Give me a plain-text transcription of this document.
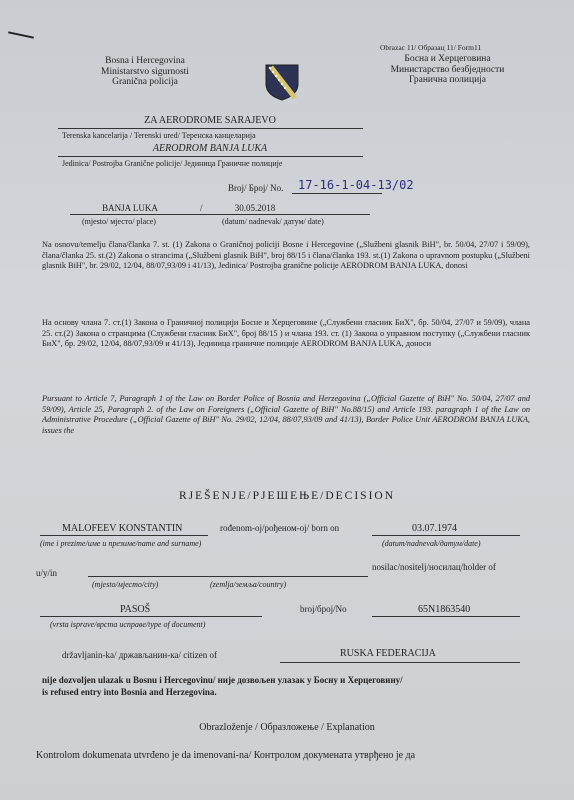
Obrazac 11/ Образац 11/ Form11
Bosna i Hercegovina
Ministarstvo sigurnosti
Granična policija
Босна и Херцеговина
Министарство безбједности
Гранична полиција
ZA AERODROME SARAJEVO
Terenska kancelarija / Terenski ured/ Теренска канцеларија
AERODROM BANJA LUKA
Jedinica/ Postrojba Granične policije/ Јединица Граничне полиције
Broj/ Број/ No. 17-16-1-04-13/02
BANJA LUKA	/	30.05.2018
(mjesto/ мјесто/ place)	(datum/ nadnevak/ датум/ date)
Na osnovu/temelju člana/članka 7. st. (1) Zakona o Graničnoj policiji Bosne i Hercegovine („Službeni glasnik BiH", br. 50/04, 27/07 i 59/09), člana/članka 25. st.(2) Zakona o strancima („Službeni glasnik BiH", broj 88/15 i člana/članka 193. st.(1) Zakona o upravnom postupku („Službeni glasnik BiH", br. 29/02, 12/04, 88/07,93/09 i 41/13), Jedinica/ Postrojba granične policije AERODROM BANJA LUKA, donosi
На основу члана 7. ст.(1) Закона о Граничној полицији Босне и Херцеговине („Службени гласник БиХ", бр. 50/04, 27/07 и 59/09), члана 25. ст.(2) Закона о странцима (Службени гласник БиХ", број 88/15 ) и члана 193. ст. (1) Закона о управном поступку („Службени гласник БиХ", бр. 29/02, 12/04, 88/07,93/09 и 41/13), Јединица граничне полиције AERODROM BANJA LUKA, доноси
Pursuant to Article 7, Paragraph 1 of the Law on Border Police of Bosnia and Herzegovina („Official Gazette of BiH" No. 50/04, 27/07 and 59/09), Article 25, Paragraph 2. of the Law on Foreigners („Official Gazette of BiH" No.88/15) and Article 193. paragraph 1 of the Law on Administrative Procedure („Official Gazette of BiH" No. 29/02, 12/04, 88/07,93/09 and 41/13), Border Police Unit AERODROM BANJA LUKA, issues the
RJEŠENJE/РЈЕШЕЊЕ/DECISION
MALOFEEV KONSTANTIN	rođenom-oj/рођеном-ој/ born on	03.07.1974
(ime i prezime/име и презиме/name and surname)	(datum/nadnevak/датум/date)
u/у/in
nosilac/nositelj/носилац/holder of
(mjesto/мјесто/city)	(zemlja/земља/country)
PASOŠ	broj/број/No	65N1863540
(vrsta isprave/врста исправе/type of document)
državljanin-ka/ држављанин-ка/ citizen of	RUSKA FEDERACIJA
nije dozvoljen ulazak u Bosnu i Hercegovinu/ није дозвољен улазак у Босну и Херцеговину/
is refused entry into Bosnia and Herzegovina.
Obrazloženje / Образложење / Explanation
Kontrolom dokumenata utvrđeno je da imenovani-na/ Контролом докумената утврђено је да
